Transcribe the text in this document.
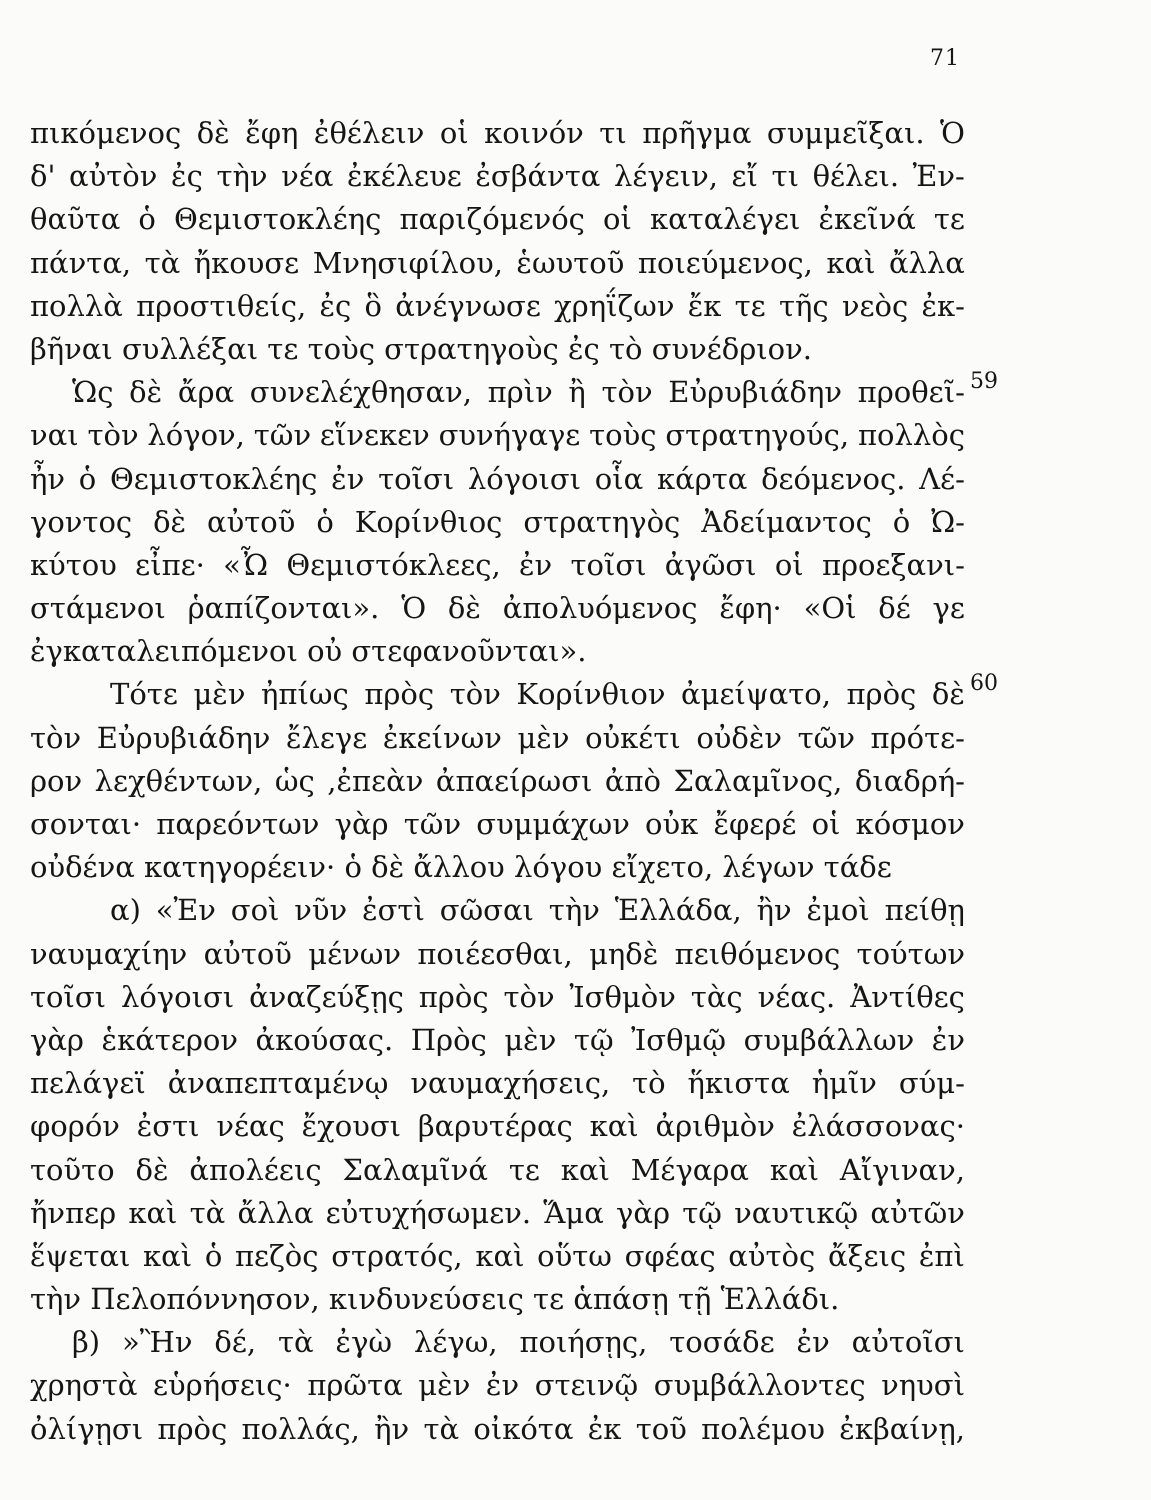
71
59
60
πικόμενος δὲ ἔφη ἐθέλειν οἱ κοινόν τι πρῆγμα συμμεῖξαι. Ὁ
δ' αὐτὸν ἐς τὴν νέα ἐκέλευε ἐσβάντα λέγειν, εἴ τι θέλει. Ἐν-
θαῦτα ὁ Θεμιστοκλέης παριζόμενός οἱ καταλέγει ἐκεῖνά τε
πάντα, τὰ ἤκουσε Μνησιφίλου, ἑωυτοῦ ποιεύμενος, καὶ ἄλλα
πολλὰ προστιθείς, ἐς ὃ ἀνέγνωσε χρηΐζων ἔκ τε τῆς νεὸς ἐκ-
βῆναι συλλέξαι τε τοὺς στρατηγοὺς ἐς τὸ συνέδριον.
Ὡς δὲ ἄρα συνελέχθησαν, πρὶν ἢ τὸν Εὐρυβιάδην προθεῖ-
ναι τὸν λόγον, τῶν εἵνεκεν συνήγαγε τοὺς στρατηγούς, πολλὸς
ἦν ὁ Θεμιστοκλέης ἐν τοῖσι λόγοισι οἷα κάρτα δεόμενος. Λέ-
γοντος δὲ αὐτοῦ ὁ Κορίνθιος στρατηγὸς Ἀδείμαντος ὁ Ὠ-
κύτου εἶπε· «Ὦ Θεμιστόκλεες, ἐν τοῖσι ἀγῶσι οἱ προεξανι-
στάμενοι ῥαπίζονται». Ὁ δὲ ἀπολυόμενος ἔφη· «Οἱ δέ γε
ἐγκαταλειπόμενοι οὐ στεφανοῦνται».
Τότε μὲν ἠπίως πρὸς τὸν Κορίνθιον ἀμείψατο, πρὸς δὲ
τὸν Εὐρυβιάδην ἔλεγε ἐκείνων μὲν οὐκέτι οὐδὲν τῶν πρότε-
ρον λεχθέντων, ὡς ,ἐπεὰν ἀπαείρωσι ἀπὸ Σαλαμῖνος, διαδρή-
σονται· παρεόντων γὰρ τῶν συμμάχων οὐκ ἔφερέ οἱ κόσμον
οὐδένα κατηγορέειν· ὁ δὲ ἄλλου λόγου εἴχετο, λέγων τάδε
α) «Ἐν σοὶ νῦν ἐστὶ σῶσαι τὴν Ἑλλάδα, ἢν ἐμοὶ πείθῃ
ναυμαχίην αὐτοῦ μένων ποιέεσθαι, μηδὲ πειθόμενος τούτων
τοῖσι λόγοισι ἀναζεύξῃς πρὸς τὸν Ἰσθμὸν τὰς νέας. Ἀντίθες
γὰρ ἑκάτερον ἀκούσας. Πρὸς μὲν τῷ Ἰσθμῷ συμβάλλων ἐν
πελάγεϊ ἀναπεπταμένῳ ναυμαχήσεις, τὸ ἥκιστα ἡμῖν σύμ-
φορόν ἐστι νέας ἔχουσι βαρυτέρας καὶ ἀριθμὸν ἐλάσσονας·
τοῦτο δὲ ἀπολέεις Σαλαμῖνά τε καὶ Μέγαρα καὶ Αἴγιναν,
ἤνπερ καὶ τὰ ἄλλα εὐτυχήσωμεν. Ἅμα γὰρ τῷ ναυτικῷ αὐτῶν
ἕψεται καὶ ὁ πεζὸς στρατός, καὶ οὕτω σφέας αὐτὸς ἄξεις ἐπὶ
τὴν Πελοπόννησον, κινδυνεύσεις τε ἁπάσῃ τῇ Ἑλλάδι.
β) »Ἢν δέ, τὰ ἐγὼ λέγω, ποιήσῃς, τοσάδε ἐν αὐτοῖσι
χρηστὰ εὑρήσεις· πρῶτα μὲν ἐν στεινῷ συμβάλλοντες νηυσὶ
ὀλίγῃσι πρὸς πολλάς, ἢν τὰ οἰκότα ἐκ τοῦ πολέμου ἐκβαίνῃ,
